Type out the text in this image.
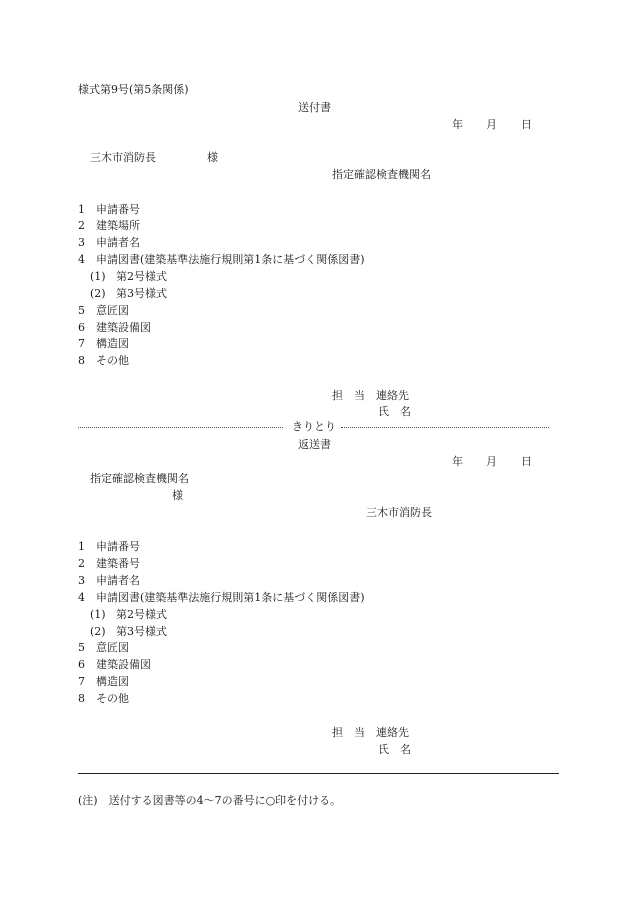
様式第9号(第5条関係)
送付書
年 月 日
三木市消防長	様
指定確認検査機関名
1 申請番号
2 建築場所
3 申請者名
4 申請図書(建築基準法施行規則第1条に基づく関係図書)
(1) 第2号様式
(2) 第3号様式
5 意匠図
6 建築設備図
7 構造図
8 その他
担　当　連絡先
氏　名
きりとり
返送書
年 月 日
指定確認検査機関名
様
三木市消防長
1 申請番号
2 建築番号
3 申請者名
4 申請図書(建築基準法施行規則第1条に基づく関係図書)
(1) 第2号様式
(2) 第3号様式
5 意匠図
6 建築設備図
7 構造図
8 その他
担　当　連絡先
氏　名
(注)　送付する図書等の4〜7の番号に○印を付ける。
